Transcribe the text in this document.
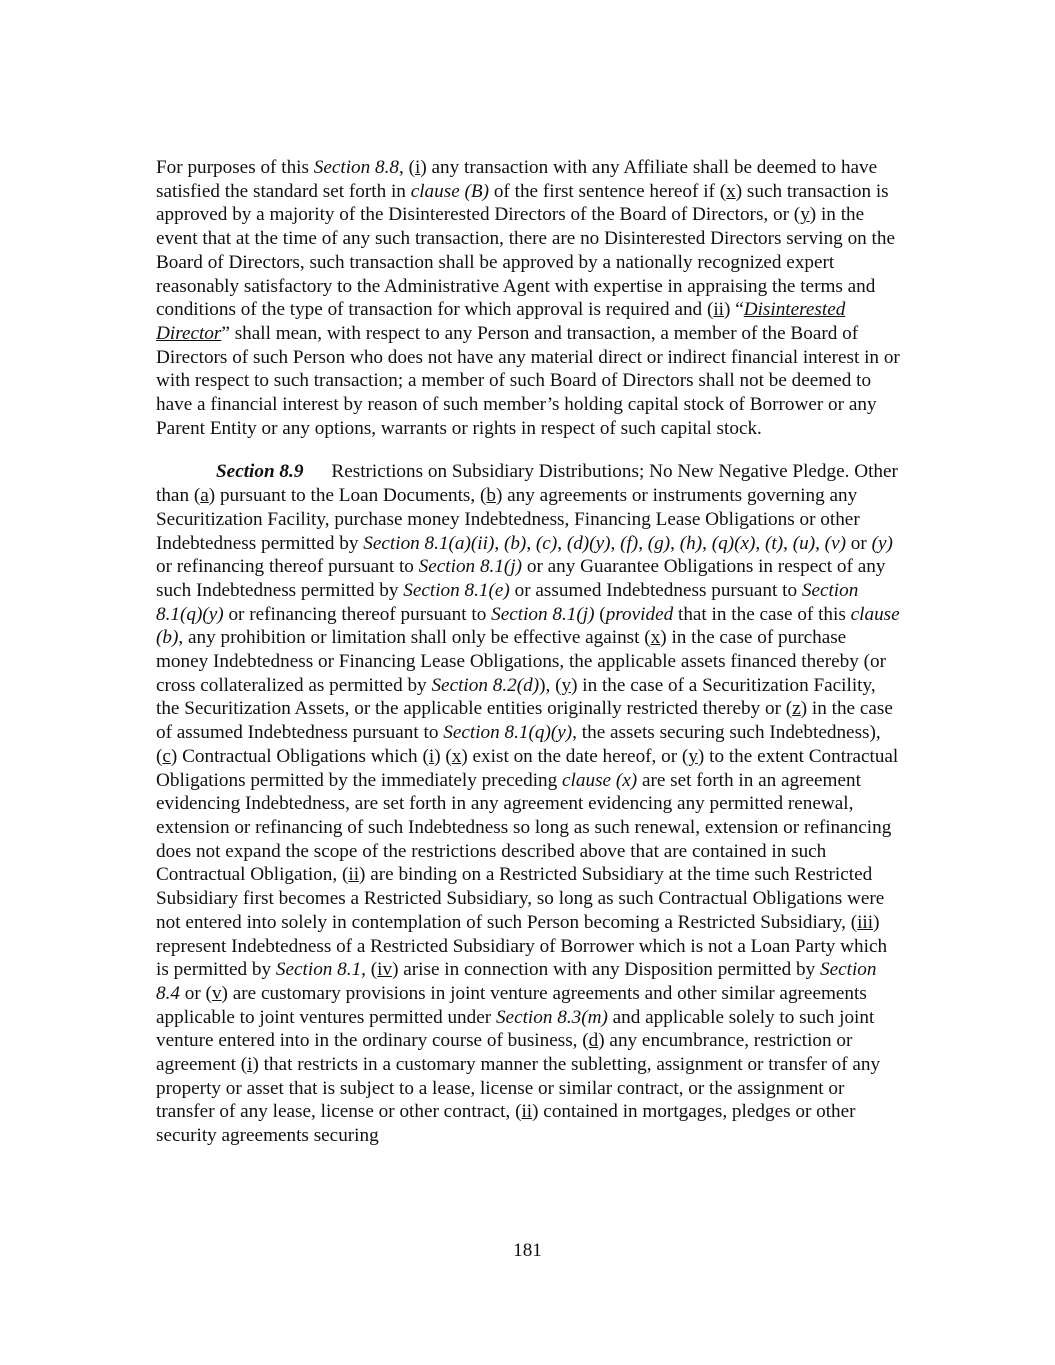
For purposes of this Section 8.8, (i) any transaction with any Affiliate shall be deemed to have satisfied the standard set forth in clause (B) of the first sentence hereof if (x) such transaction is approved by a majority of the Disinterested Directors of the Board of Directors, or (y) in the event that at the time of any such transaction, there are no Disinterested Directors serving on the Board of Directors, such transaction shall be approved by a nationally recognized expert reasonably satisfactory to the Administrative Agent with expertise in appraising the terms and conditions of the type of transaction for which approval is required and (ii) “Disinterested Director” shall mean, with respect to any Person and transaction, a member of the Board of Directors of such Person who does not have any material direct or indirect financial interest in or with respect to such transaction; a member of such Board of Directors shall not be deemed to have a financial interest by reason of such member’s holding capital stock of Borrower or any Parent Entity or any options, warrants or rights in respect of such capital stock.

Section 8.9 Restrictions on Subsidiary Distributions; No New Negative Pledge. Other than (a) pursuant to the Loan Documents, (b) any agreements or instruments governing any Securitization Facility, purchase money Indebtedness, Financing Lease Obligations or other Indebtedness permitted by Section 8.1(a)(ii), (b), (c), (d)(y), (f), (g), (h), (q)(x), (t), (u), (v) or (y) or refinancing thereof pursuant to Section 8.1(j) or any Guarantee Obligations in respect of any such Indebtedness permitted by Section 8.1(e) or assumed Indebtedness pursuant to Section 8.1(q)(y) or refinancing thereof pursuant to Section 8.1(j) (provided that in the case of this clause (b), any prohibition or limitation shall only be effective against (x) in the case of purchase money Indebtedness or Financing Lease Obligations, the applicable assets financed thereby (or cross collateralized as permitted by Section 8.2(d)), (y) in the case of a Securitization Facility, the Securitization Assets, or the applicable entities originally restricted thereby or (z) in the case of assumed Indebtedness pursuant to Section 8.1(q)(y), the assets securing such Indebtedness), (c) Contractual Obligations which (i) (x) exist on the date hereof, or (y) to the extent Contractual Obligations permitted by the immediately preceding clause (x) are set forth in an agreement evidencing Indebtedness, are set forth in any agreement evidencing any permitted renewal, extension or refinancing of such Indebtedness so long as such renewal, extension or refinancing does not expand the scope of the restrictions described above that are contained in such Contractual Obligation, (ii) are binding on a Restricted Subsidiary at the time such Restricted Subsidiary first becomes a Restricted Subsidiary, so long as such Contractual Obligations were not entered into solely in contemplation of such Person becoming a Restricted Subsidiary, (iii) represent Indebtedness of a Restricted Subsidiary of Borrower which is not a Loan Party which is permitted by Section 8.1, (iv) arise in connection with any Disposition permitted by Section 8.4 or (v) are customary provisions in joint venture agreements and other similar agreements applicable to joint ventures permitted under Section 8.3(m) and applicable solely to such joint venture entered into in the ordinary course of business, (d) any encumbrance, restriction or agreement (i) that restricts in a customary manner the subletting, assignment or transfer of any property or asset that is subject to a lease, license or similar contract, or the assignment or transfer of any lease, license or other contract, (ii) contained in mortgages, pledges or other security agreements securing

181
